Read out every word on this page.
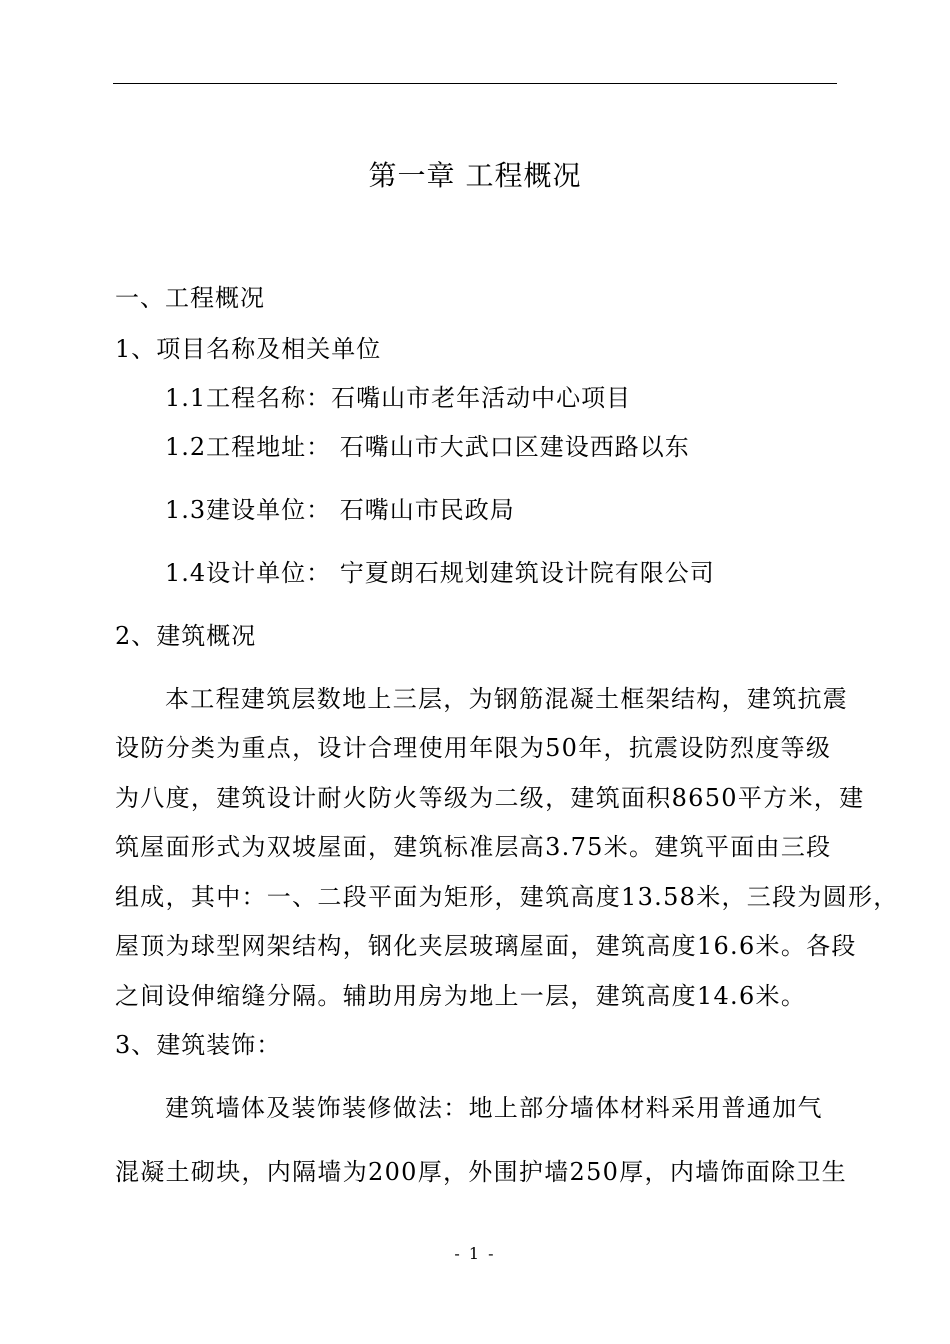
第一章 工程概况
一、工程概况
1、项目名称及相关单位
1.1工程名称：石嘴山市老年活动中心项目
1.2工程地址： 石嘴山市大武口区建设西路以东
1.3建设单位： 石嘴山市民政局
1.4设计单位： 宁夏朗石规划建筑设计院有限公司
2、建筑概况
本工程建筑层数地上三层，为钢筋混凝土框架结构，建筑抗震
设防分类为重点，设计合理使用年限为50年，抗震设防烈度等级
为八度，建筑设计耐火防火等级为二级，建筑面积8650平方米，建
筑屋面形式为双坡屋面，建筑标准层高3.75米。建筑平面由三段
组成，其中：一、二段平面为矩形，建筑高度13.58米，三段为圆形，
屋顶为球型网架结构，钢化夹层玻璃屋面，建筑高度16.6米。各段
之间设伸缩缝分隔。辅助用房为地上一层，建筑高度14.6米。
3、建筑装饰：
建筑墙体及装饰装修做法：地上部分墙体材料采用普通加气
混凝土砌块，内隔墙为200厚，外围护墙250厚，内墙饰面除卫生
- 1 -
